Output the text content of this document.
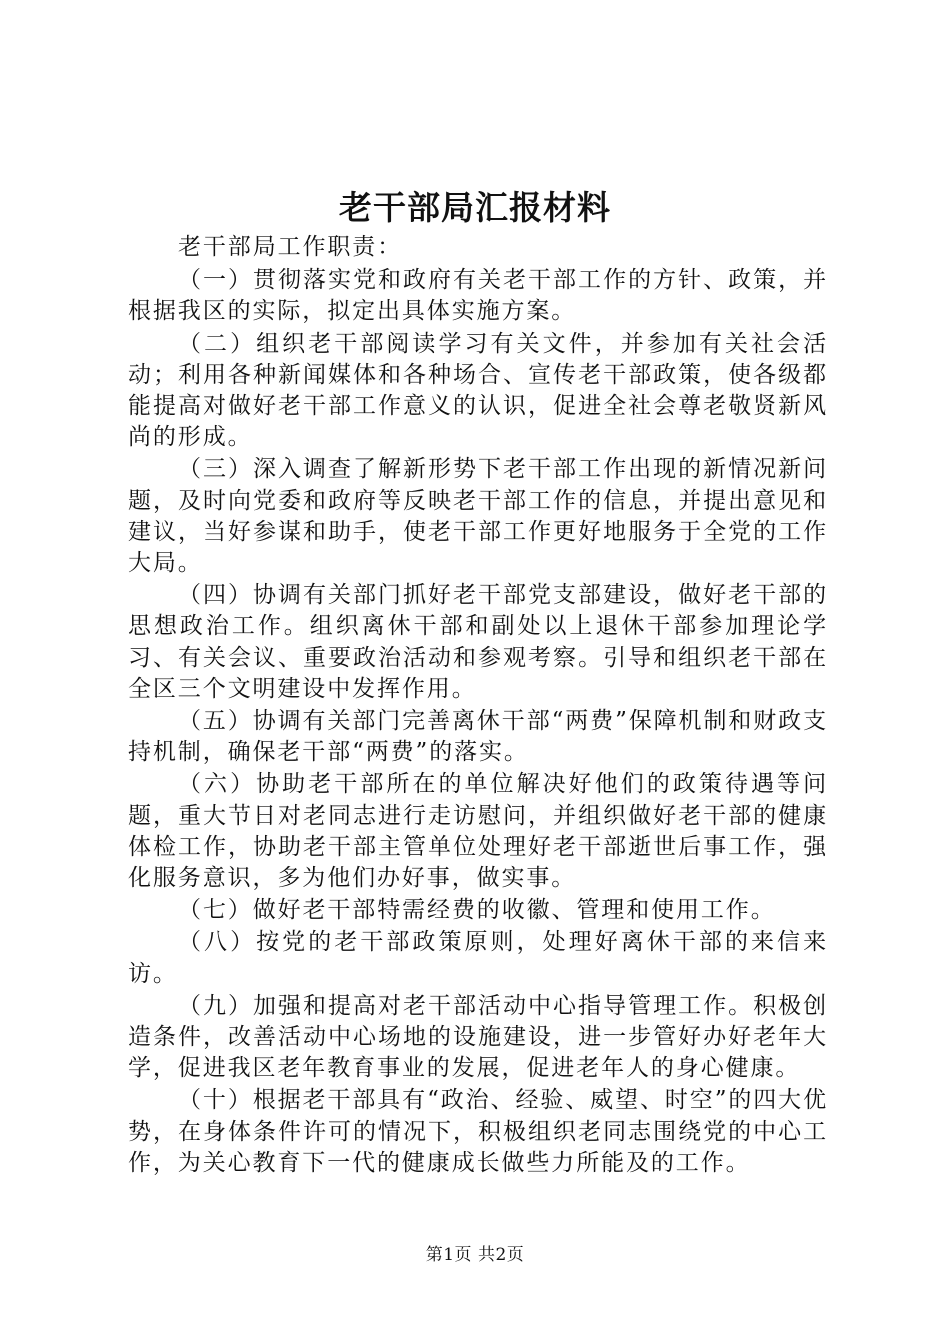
老干部局汇报材料

老干部局工作职责：

（一）贯彻落实党和政府有关老干部工作的方针、政策，并根据我区的实际，拟定出具体实施方案。

（二）组织老干部阅读学习有关文件，并参加有关社会活动；利用各种新闻媒体和各种场合、宣传老干部政策，使各级都能提高对做好老干部工作意义的认识，促进全社会尊老敬贤新风尚的形成。

（三）深入调查了解新形势下老干部工作出现的新情况新问题，及时向党委和政府等反映老干部工作的信息，并提出意见和建议，当好参谋和助手，使老干部工作更好地服务于全党的工作大局。

（四）协调有关部门抓好老干部党支部建设，做好老干部的思想政治工作。组织离休干部和副处以上退休干部参加理论学习、有关会议、重要政治活动和参观考察。引导和组织老干部在全区三个文明建设中发挥作用。

（五）协调有关部门完善离休干部“两费”保障机制和财政支持机制，确保老干部“两费”的落实。

（六）协助老干部所在的单位解决好他们的政策待遇等问题，重大节日对老同志进行走访慰问，并组织做好老干部的健康体检工作，协助老干部主管单位处理好老干部逝世后事工作，强化服务意识，多为他们办好事，做实事。

（七）做好老干部特需经费的收徽、管理和使用工作。

（八）按党的老干部政策原则，处理好离休干部的来信来访。

（九）加强和提高对老干部活动中心指导管理工作。积极创造条件，改善活动中心场地的设施建设，进一步管好办好老年大学，促进我区老年教育事业的发展，促进老年人的身心健康。

（十）根据老干部具有“政治、经验、威望、时空”的四大优势，在身体条件许可的情况下，积极组织老同志围绕党的中心工作，为关心教育下一代的健康成长做些力所能及的工作。

第1页 共2页
